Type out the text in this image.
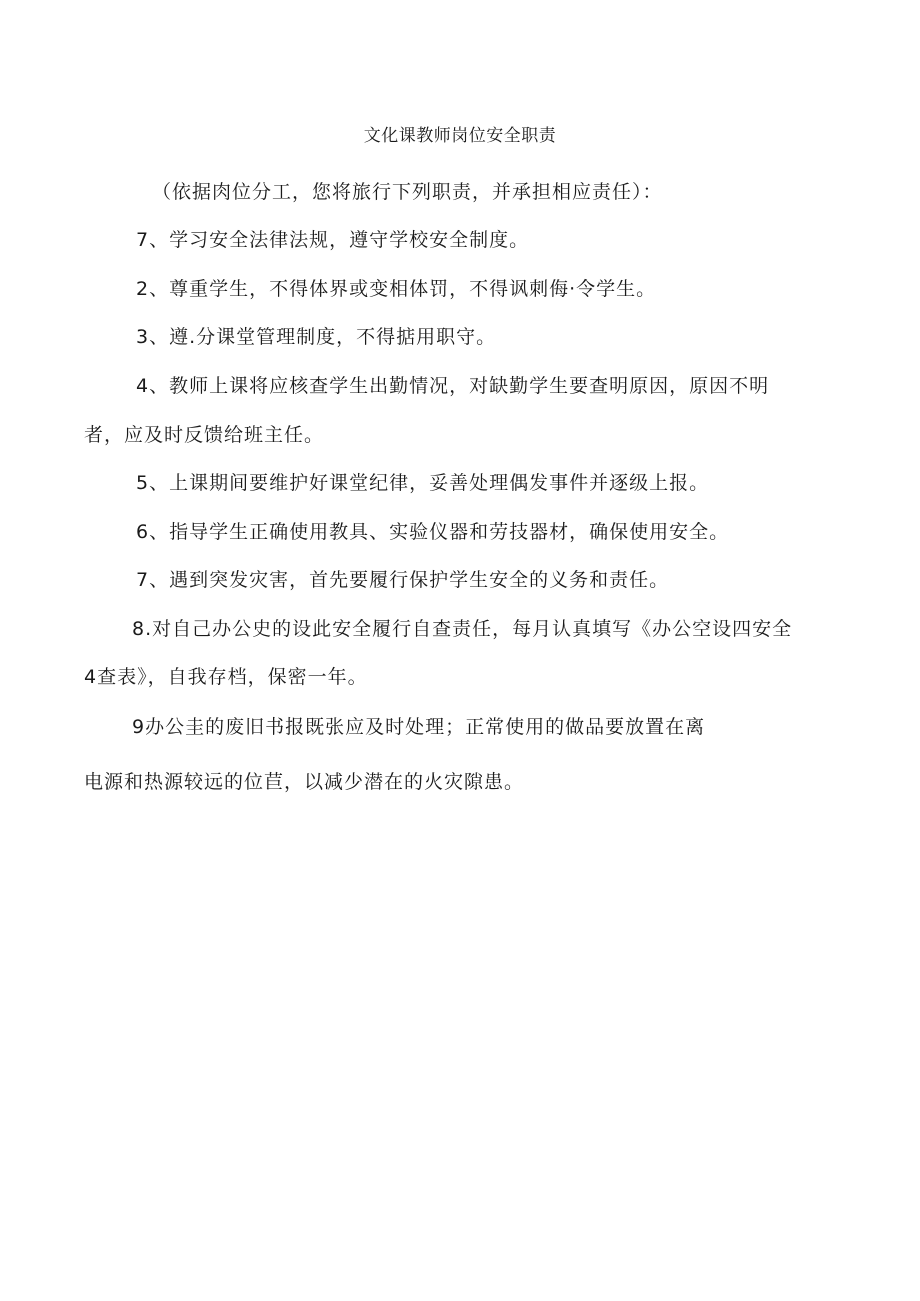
文化课教师岗位安全职责
（依据肉位分工，您将旅行下列职责，并承担相应责任）：
7、学习安全法律法规，遵守学校安全制度。
2、尊重学生，不得体界或变相体罚，不得讽刺侮·令学生。
3、遵.分课堂管理制度，不得掂用职守。
4、教师上课将应核查学生出勤情况，对缺勤学生要查明原因，原因不明
者，应及时反馈给班主任。
5、上课期间要维护好课堂纪律，妥善处理偶发事件并逐级上报。
6、指导学生正确使用教具、实验仪器和劳技器材，确保使用安全。
7、遇到突发灾害，首先要履行保护学生安全的义务和责任。
8.对自己办公史的设此安全履行自查责任，每月认真填写《办公空设四安全
4查表》，自我存档，保密一年。
9办公圭的废旧书报既张应及时处理；正常使用的做品要放置在离
电源和热源较远的位苣，以减少潜在的火灾隙患。
